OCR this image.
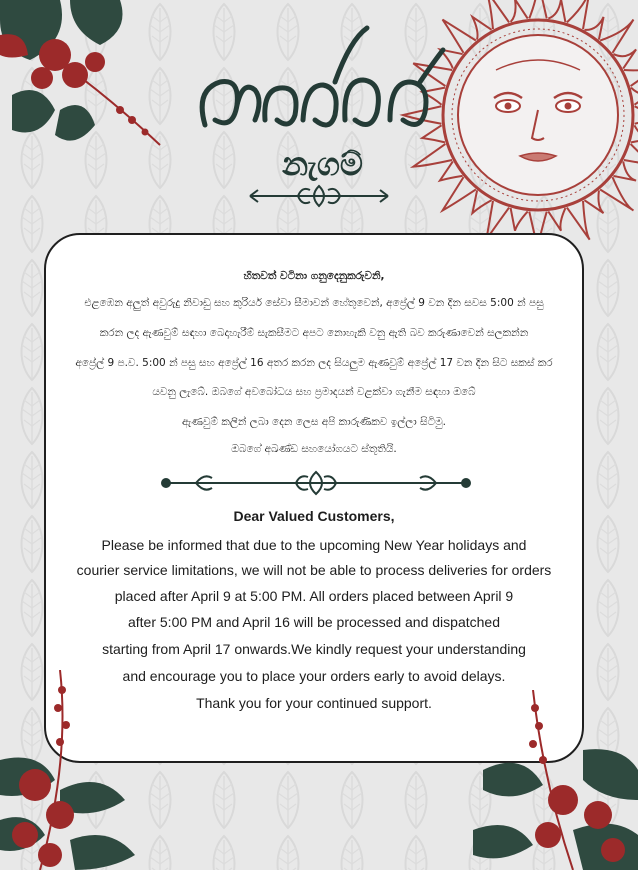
නැගම්
හිතවත් වටිනා ගනුදෙනුකරුවනි,
එළඹෙන අලුත් අවුරුදු නිවාඩු සහ කුරියර් සේවා සීමාවන් හේතුවෙන්, අප්‍රේල් 9 වන දින සවස 5:00 න් පසු
කරන ලද ඇණවුම් සඳහා බෙදාහැරීම් සැකසීමට අපට නොහැකි වනු ඇති බව කරුණාවෙන් සලකන්න
අප්‍රේල් 9 ප.ව. 5:00 න් පසු සහ අප්‍රේල් 16 අතර කරන ලද සියලුම ඇණවුම් අප්‍රේල් 17 වන දින සිට සකස් කර
යවනු ලැබේ. ඔබගේ අවබෝධය සහ ප්‍රමාදයන් වළක්වා ගැනීම සඳහා ඔබේ
ඇණවුම් කලින් ලබා දෙන ලෙස අපි කාරුණිකව ඉල්ලා සිටිමු.
ඔබගේ අඛණ්ඩ සහයෝගයට ස්තූතියි.
Dear Valued Customers,
Please be informed that due to the upcoming New Year holidays and
courier service limitations, we will not be able to process deliveries for orders
placed after April 9 at 5:00 PM. All orders placed between April 9
after 5:00 PM and April 16 will be processed and dispatched
starting from April 17 onwards.We kindly request your understanding
and encourage you to place your orders early to avoid delays.
Thank you for your continued support.
